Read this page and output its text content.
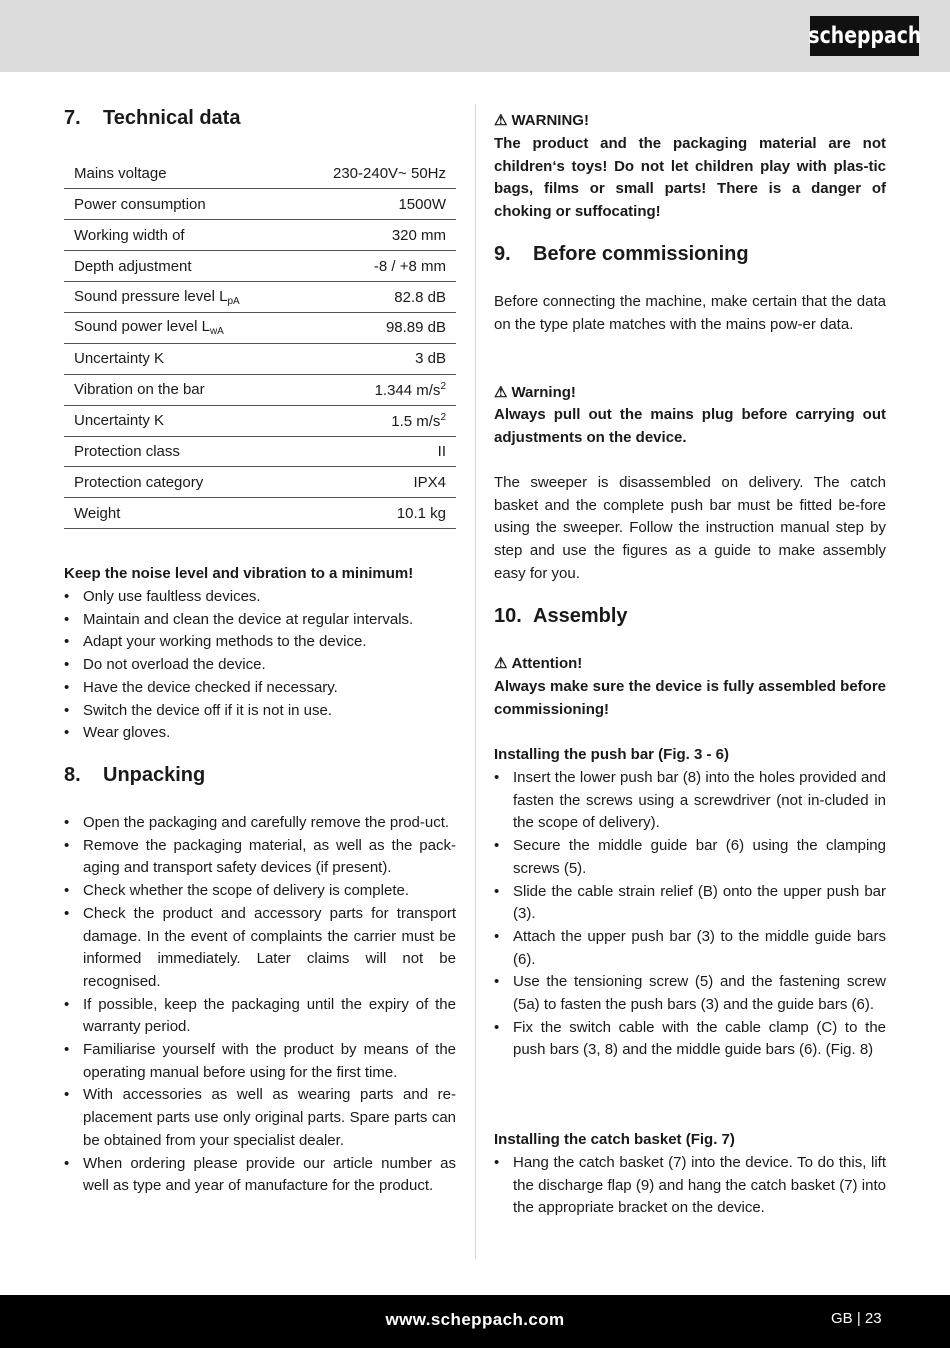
scheppach
7. Technical data
Mains voltage	230-240V~ 50Hz
Power consumption	1500W
Working width of	320 mm
Depth adjustment	-8 / +8 mm
Sound pressure level $L_{pA}$	82.8 dB
Sound power level $L_{wA}$	98.89 dB
Uncertainty K	3 dB
Vibration on the bar	1.344 $m/s^2$
Uncertainty K	1.5 $m/s^2$
Protection class	II
Protection category	IPX4
Weight	10.1 kg
Keep the noise level and vibration to a minimum!
• Only use faultless devices.
• Maintain and clean the device at regular intervals.
• Adapt your working methods to the device.
• Do not overload the device.
• Have the device checked if necessary.
• Switch the device off if it is not in use.
• Wear gloves.
8. Unpacking
• Open the packaging and carefully remove the prod-uct.
• Remove the packaging material, as well as the pack-aging and transport safety devices (if present).
• Check whether the scope of delivery is complete.
• Check the product and accessory parts for transport damage. In the event of complaints the carrier must be informed immediately. Later claims will not be recognised.
• If possible, keep the packaging until the expiry of the warranty period.
• Familiarise yourself with the product by means of the operating manual before using for the first time.
• With accessories as well as wearing parts and re-placement parts use only original parts. Spare parts can be obtained from your specialist dealer.
• When ordering please provide our article number as well as type and year of manufacture for the product.
⚠ WARNING!
The product and the packaging material are not children‘s toys! Do not let children play with plas-tic bags, films or small parts! There is a danger of choking or suffocating!
9. Before commissioning
Before connecting the machine, make certain that the data on the type plate matches with the mains pow-er data.
⚠ Warning!
Always pull out the mains plug before carrying out adjustments on the device.
The sweeper is disassembled on delivery. The catch basket and the complete push bar must be fitted be-fore using the sweeper. Follow the instruction manual step by step and use the figures as a guide to make assembly easy for you.
10. Assembly
⚠ Attention!
Always make sure the device is fully assembled before commissioning!
Installing the push bar (Fig. 3 - 6)
• Insert the lower push bar (8) into the holes provided and fasten the screws using a screwdriver (not in-cluded in the scope of delivery).
• Secure the middle guide bar (6) using the clamping screws (5).
• Slide the cable strain relief (B) onto the upper push bar (3).
• Attach the upper push bar (3) to the middle guide bars (6).
• Use the tensioning screw (5) and the fastening screw (5a) to fasten the push bars (3) and the guide bars (6).
• Fix the switch cable with the cable clamp (C) to the push bars (3, 8) and the middle guide bars (6). (Fig. 8)
Installing the catch basket (Fig. 7)
• Hang the catch basket (7) into the device. To do this, lift the discharge flap (9) and hang the catch basket (7) into the appropriate bracket on the device.
www.scheppach.com	GB | 23
